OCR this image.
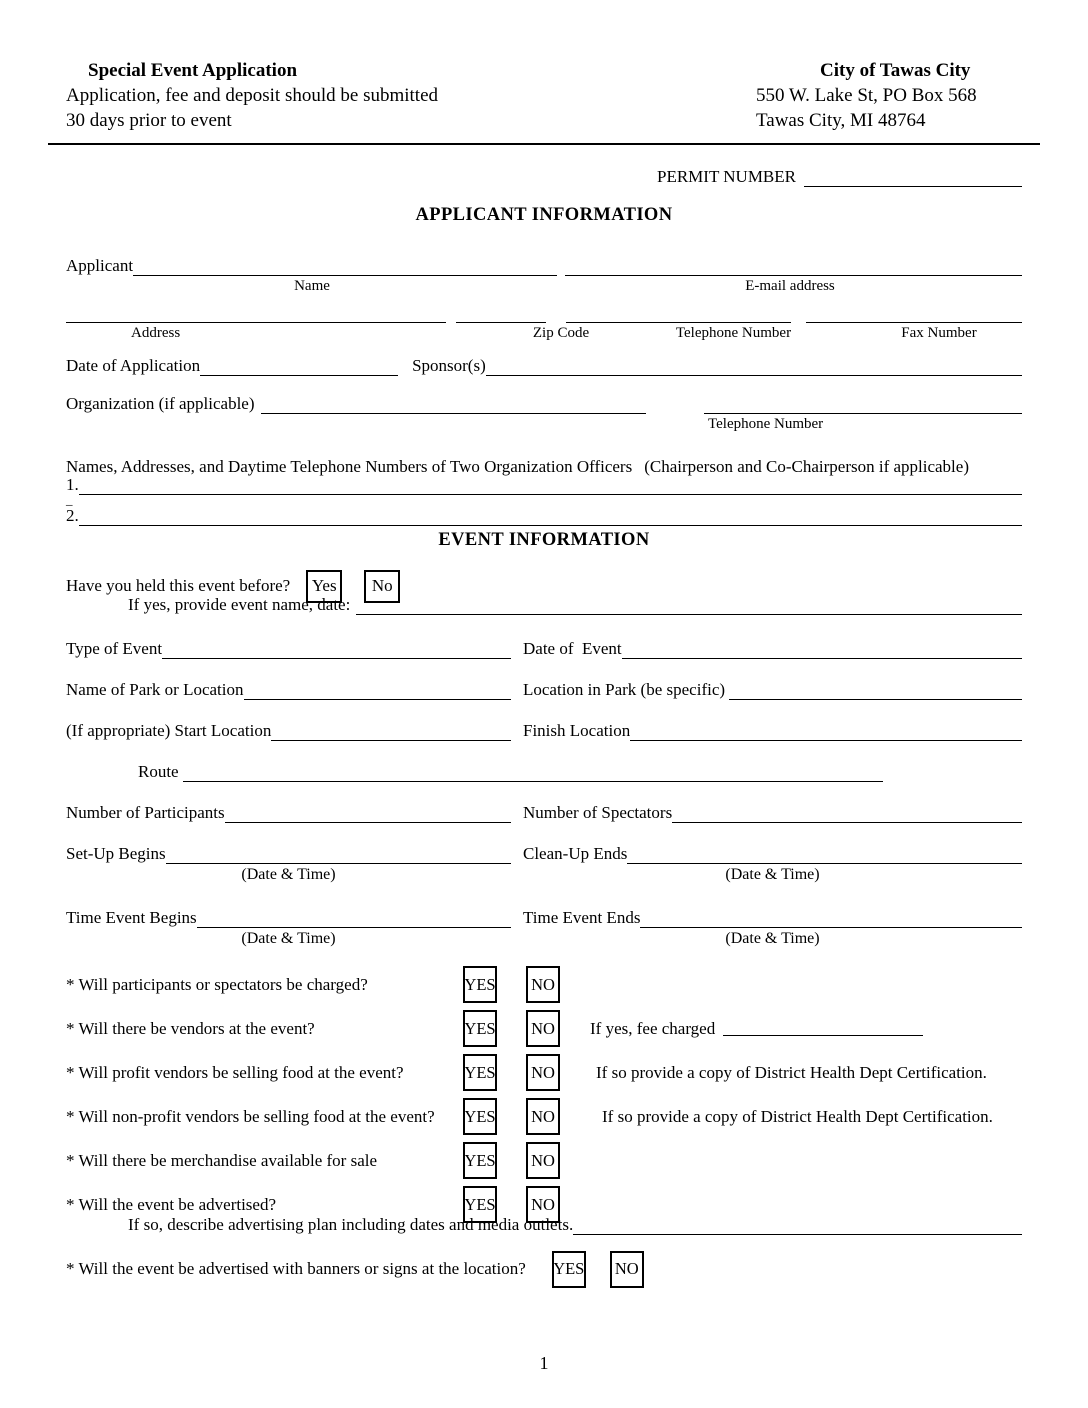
Special Event Application
Application, fee and deposit should be submitted
30 days prior to event
City of Tawas City
550 W. Lake St, PO Box 568
Tawas City, MI 48764
PERMIT NUMBER
APPLICANT INFORMATION
Applicant
Name	E-mail address
Address	Zip Code	Telephone Number	Fax Number
Date of Application	Sponsor(s)
Organization (if applicable)
Telephone Number
Names, Addresses, and Daytime Telephone Numbers of Two Organization Officers (Chairperson and Co-Chairperson if applicable)
1.
_
2.
EVENT INFORMATION
Have you held this event before?	Yes	No
If yes, provide event name, date:
Type of Event	Date of  Event
Name of Park or Location	Location in Park (be specific)
(If appropriate) Start Location	Finish Location
Route
Number of Participants	Number of Spectators
Set-Up Begins	Clean-Up Ends
(Date & Time)	(Date & Time)
Time Event Begins	Time Event Ends
(Date & Time)	(Date & Time)
* Will participants or spectators be charged?	YES	NO
* Will there be vendors at the event?	YES	NO If yes, fee charged
* Will profit vendors be selling food at the event?	YES	NO If so provide a copy of District Health Dept Certification.
* Will non-profit vendors be selling food at the event?	YES	NO	If so provide a copy of District Health Dept Certification.
* Will there be merchandise available for sale	YES	NO
* Will the event be advertised?	YES	NO
If so, describe advertising plan including dates and media outlets.
* Will the event be advertised with banners or signs at the location? YES	NO
1
